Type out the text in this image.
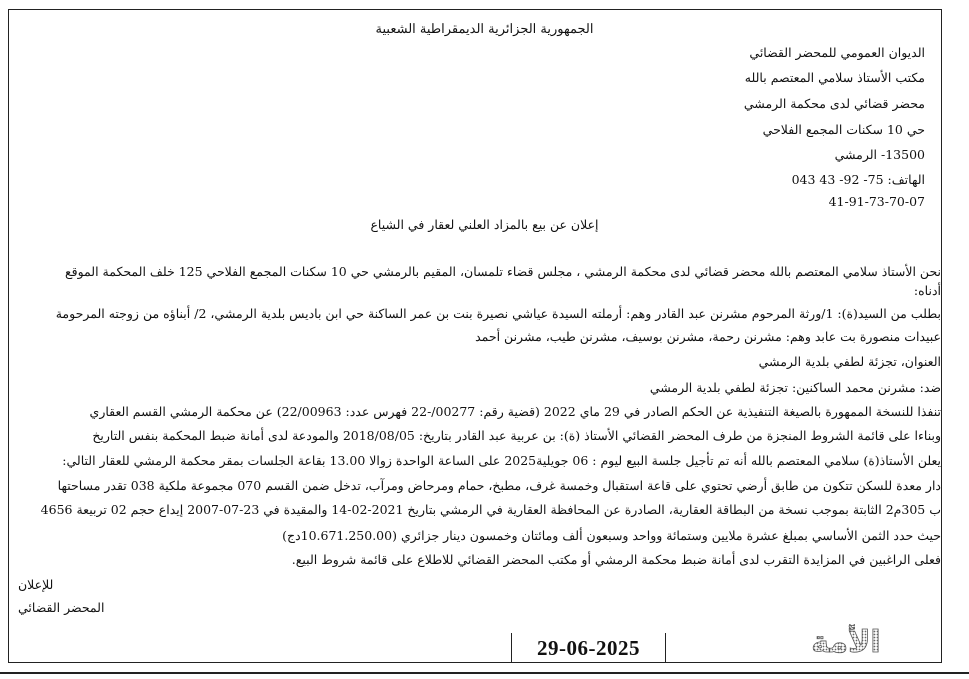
الجمهورية الجزائرية الديمقراطية الشعبية
الديوان العمومي للمحضر القضائي
مكتب الأستاذ سلامي المعتصم بالله
محضر قضائي لدى محكمة الرمشي
حي 10 سكنات المجمع الفلاحي
13500- الرمشي
الهاتف: 75- 92- 43 043
41-91-73-70-07
إعلان عن بيع بالمزاد العلني لعقار في الشياع
نحن الأستاذ سلامي المعتصم بالله محضر قضائي لدى محكمة الرمشي ، مجلس قضاء تلمسان، المقيم بالرمشي حي 10 سكنات المجمع الفلاحي 125 خلف المحكمة الموقع
أدناه:
بطلب من السيد(ة): 1/ورثة المرحوم مشرنن عبد القادر وهم: أرملته السيدة عياشي نصيرة بنت بن عمر الساكنة حي ابن باديس بلدية الرمشي، 2/ أبناؤه من زوجته المرحومة
عبيدات منصورة بت عابد وهم: مشرنن رحمة، مشرنن بوسيف، مشرنن طيب، مشرنن أحمد
العنوان، تجزئة لطفي بلدية الرمشي
ضد: مشرنن محمد الساكنين: تجزئة لطفي بلدية الرمشي
تنفذا للنسخة الممهورة بالصيغة التنفيذية عن الحكم الصادر في 29 ماي 2022 (قضية رقم: 00277/-22 فهرس عدد: 22/00963) عن محكمة الرمشي القسم العقاري
وبناءا على قائمة الشروط المنجزة من طرف المحضر القضائي الأستاذ (ة): بن عربية عبد القادر بتاريخ: 2018/08/05 والمودعة لدى أمانة ضبط المحكمة بنفس التاريخ
يعلن الأستاذ(ة) سلامي المعتصم بالله أنه تم تأجيل جلسة البيع ليوم : 06 جويلية2025 على الساعة الواحدة زوالا 13.00 بقاعة الجلسات بمقر محكمة الرمشي للعقار التالي:
دار معدة للسكن تتكون من طابق أرضي تحتوي على قاعة استقبال وخمسة غرف، مطبخ، حمام ومرحاض ومرآب، تدخل ضمن القسم 070 مجموعة ملكية 038 تقدر مساحتها
ب 305م2 الثابتة بموجب نسخة من البطاقة العقارية، الصادرة عن المحافظة العقارية في الرمشي بتاريخ 2021-02-14 والمقيدة في 23-07-2007 إيداع حجم 02 تربيعة 4656
حيث حدد الثمن الأساسي بمبلغ عشرة ملايين وستمائة وواحد وسبعون ألف ومائتان وخمسون دينار جزائري (10.671.250.00دج)
فعلى الراغبين في المزايدة التقرب لدى أمانة ضبط محكمة الرمشي أو مكتب المحضر القضائي للاطلاع على قائمة شروط البيع.
للإعلان
المحضر القضائي
29-06-2025	الأمة
